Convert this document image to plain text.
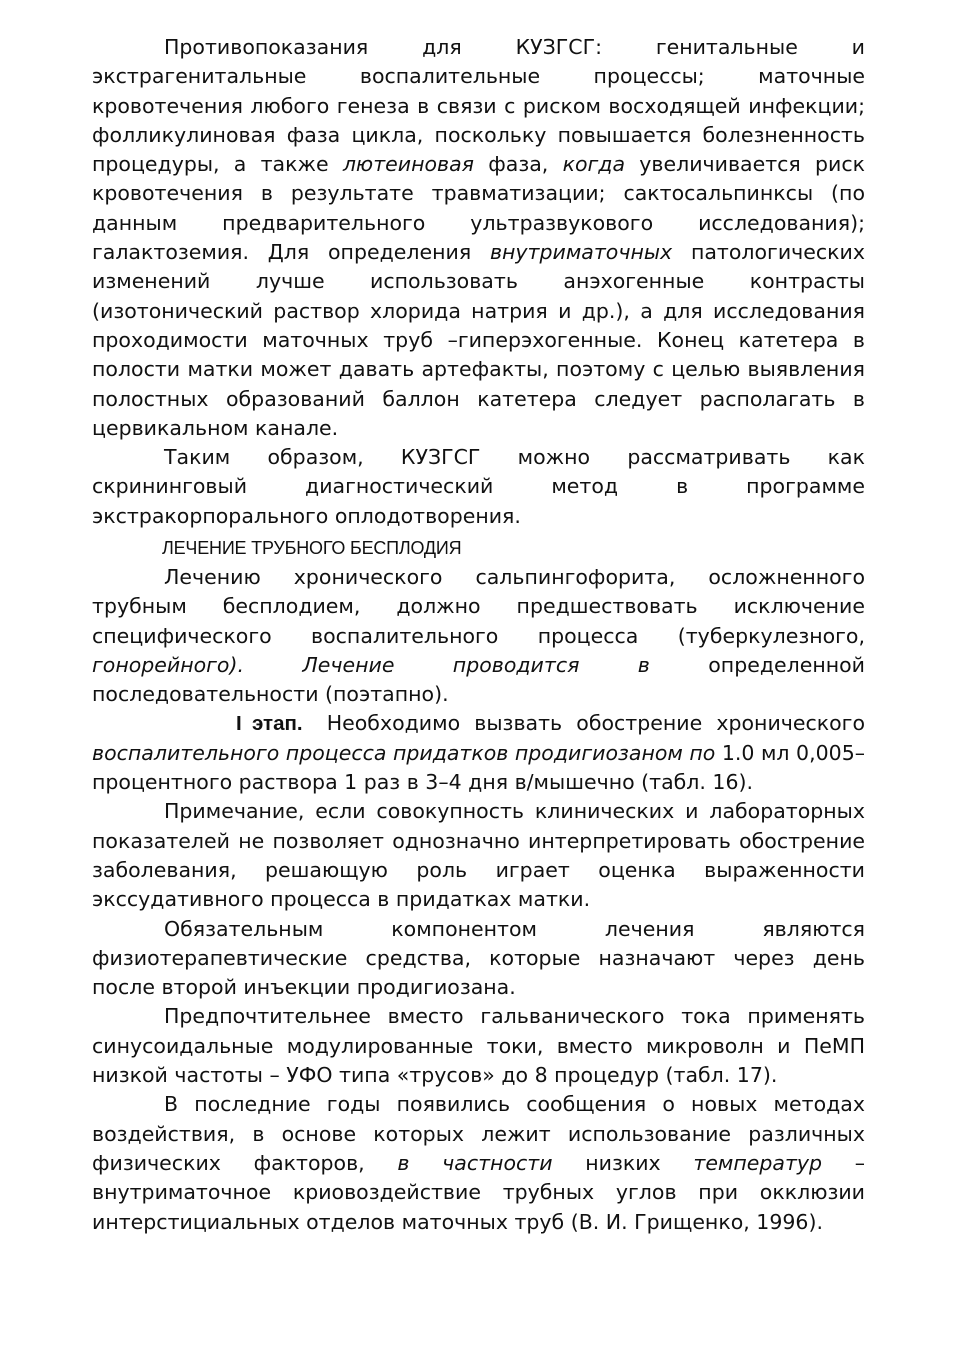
Противопоказания для КУЗГСГ: генитальные и экстрагенитальные воспалительные процессы; маточные кровотечения любого генеза в связи с риском восходящей инфекции; фолликулиновая фаза цикла, поскольку повышается болезненность процедуры, а также лютеиновая фаза, когда увеличивается риск кровотечения в результате травматизации; сактосальпинксы (по данным предварительного ультразвукового исследования); галактоземия. Для определения внутриматочных патологических изменений лучше использовать анэхогенные контрасты (изотонический раствор хлорида натрия и др.), а для исследования проходимости маточных труб –гиперэхогенные. Конец катетера в полости матки может давать артефакты, поэтому с целью выявления полостных образований баллон катетера следует располагать в цервикальном канале.

Таким образом, КУЗГСГ можно рассматривать как скрининговый диагностический метод в программе экстракорпорального оплодотворения.

ЛЕЧЕНИЕ ТРУБНОГО БЕСПЛОДИЯ

Лечению хронического сальпингофорита, осложненного трубным бесплодием, должно предшествовать исключение специфического воспалительного процесса (туберкулезного, гонорейного). Лечение проводится в определенной последовательности (поэтапно).

I этап. Необходимо вызвать обострение хронического воспалительного процесса придатков продигиозаном по 1.0 мл 0,005–процентного раствора 1 раз в 3–4 дня в/мышечно (табл. 16).

Примечание, если совокупность клинических и лабораторных показателей не позволяет однозначно интерпретировать обострение заболевания, решающую роль играет оценка выраженности экссудативного процесса в придатках матки.

Обязательным компонентом лечения являются физиотерапевтические средства, которые назначают через день после второй инъекции продигиозана.

Предпочтительнее вместо гальванического тока применять синусоидальные модулированные токи, вместо микроволн и ПеМП низкой частоты – УФО типа «трусов» до 8 процедур (табл. 17).

В последние годы появились сообщения о новых методах воздействия, в основе которых лежит использование различных физических факторов, в частности низких температур – внутриматочное криовоздействие трубных углов при окклюзии интерстициальных отделов маточных труб (В. И. Грищенко, 1996).
